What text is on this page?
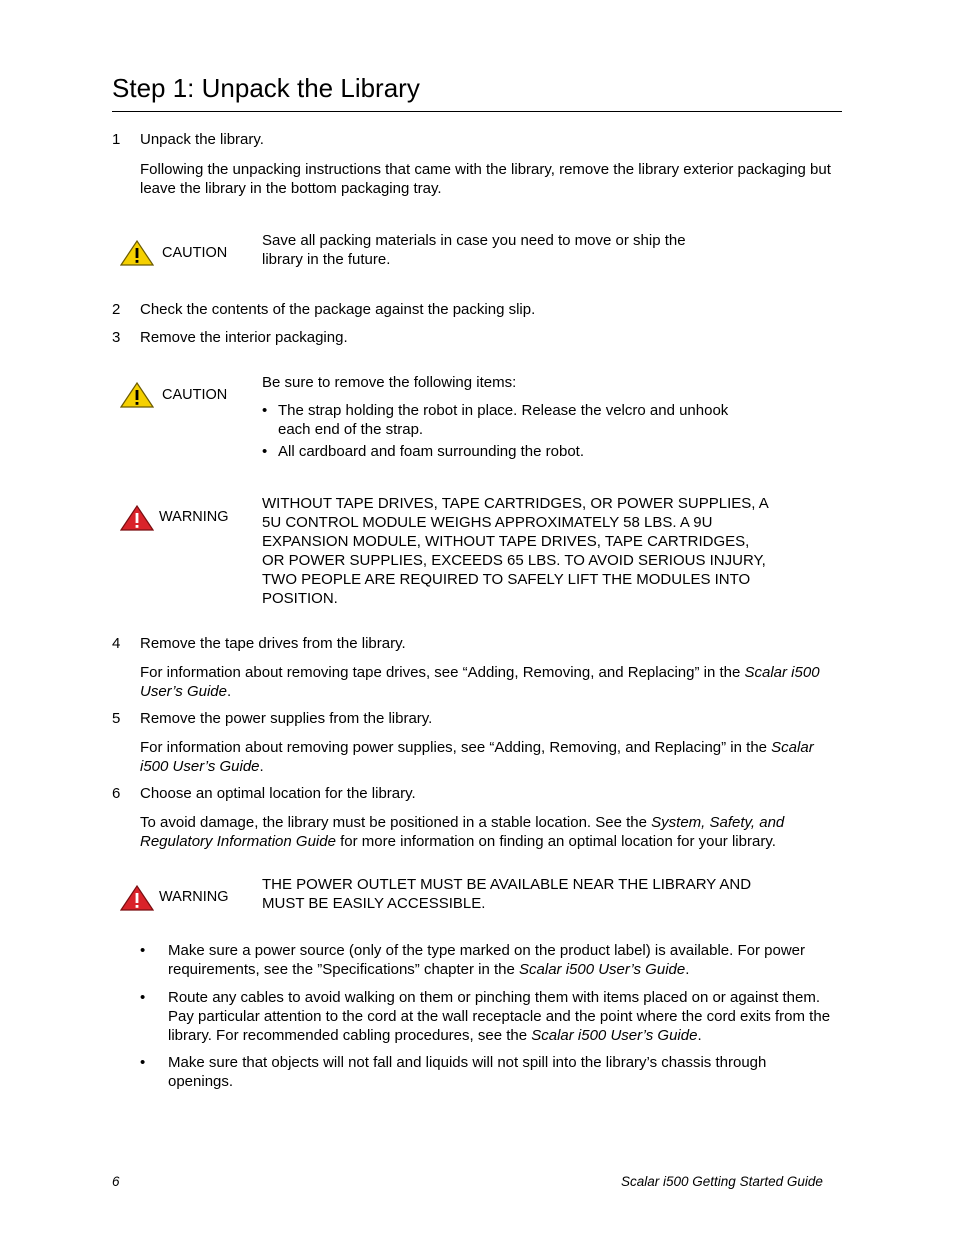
Step 1: Unpack the Library
1 Unpack the library.
Following the unpacking instructions that came with the library, remove the library exterior packaging but leave the library in the bottom packaging tray.
CAUTION
Save all packing materials in case you need to move or ship the library in the future.
2 Check the contents of the package against the packing slip.
3 Remove the interior packaging.
CAUTION
Be sure to remove the following items:
• The strap holding the robot in place. Release the velcro and unhook each end of the strap.
• All cardboard and foam surrounding the robot.
WARNING
WITHOUT TAPE DRIVES, TAPE CARTRIDGES, OR POWER SUPPLIES, A 5U CONTROL MODULE WEIGHS APPROXIMATELY 58 LBS. A 9U EXPANSION MODULE, WITHOUT TAPE DRIVES, TAPE CARTRIDGES, OR POWER SUPPLIES, EXCEEDS 65 LBS. TO AVOID SERIOUS INJURY, TWO PEOPLE ARE REQUIRED TO SAFELY LIFT THE MODULES INTO POSITION.
4 Remove the tape drives from the library.
For information about removing tape drives, see “Adding, Removing, and Replacing” in the Scalar i500 User’s Guide.
5 Remove the power supplies from the library.
For information about removing power supplies, see “Adding, Removing, and Replacing” in the Scalar i500 User’s Guide.
6 Choose an optimal location for the library.
To avoid damage, the library must be positioned in a stable location. See the System, Safety, and Regulatory Information Guide for more information on finding an optimal location for your library.
WARNING
THE POWER OUTLET MUST BE AVAILABLE NEAR THE LIBRARY AND MUST BE EASILY ACCESSIBLE.
• Make sure a power source (only of the type marked on the product label) is available. For power requirements, see the ”Specifications” chapter in the Scalar i500 User’s Guide.
• Route any cables to avoid walking on them or pinching them with items placed on or against them. Pay particular attention to the cord at the wall receptacle and the point where the cord exits from the library. For recommended cabling procedures, see the Scalar i500 User’s Guide.
• Make sure that objects will not fall and liquids will not spill into the library’s chassis through openings.
6	Scalar i500 Getting Started Guide
